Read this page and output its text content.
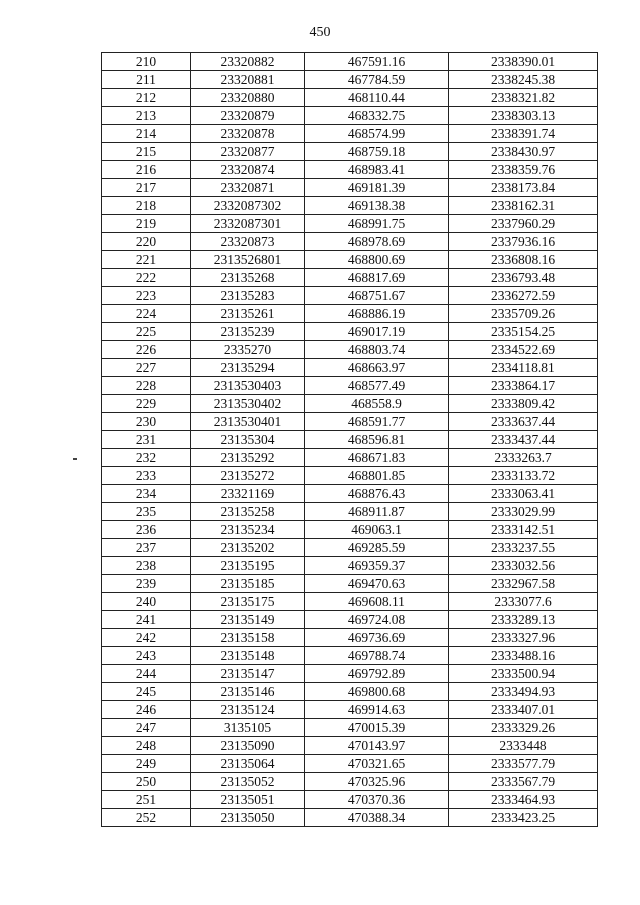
450
210	23320882	467591.16	2338390.01
211	23320881	467784.59	2338245.38
212	23320880	468110.44	2338321.82
213	23320879	468332.75	2338303.13
214	23320878	468574.99	2338391.74
215	23320877	468759.18	2338430.97
216	23320874	468983.41	2338359.76
217	23320871	469181.39	2338173.84
218	2332087302	469138.38	2338162.31
219	2332087301	468991.75	2337960.29
220	23320873	468978.69	2337936.16
221	2313526801	468800.69	2336808.16
222	23135268	468817.69	2336793.48
223	23135283	468751.67	2336272.59
224	23135261	468886.19	2335709.26
225	23135239	469017.19	2335154.25
226	2335270	468803.74	2334522.69
227	23135294	468663.97	2334118.81
228	2313530403	468577.49	2333864.17
229	2313530402	468558.9	2333809.42
230	2313530401	468591.77	2333637.44
231	23135304	468596.81	2333437.44
232	23135292	468671.83	2333263.7
233	23135272	468801.85	2333133.72
234	23321169	468876.43	2333063.41
235	23135258	468911.87	2333029.99
236	23135234	469063.1	2333142.51
237	23135202	469285.59	2333237.55
238	23135195	469359.37	2333032.56
239	23135185	469470.63	2332967.58
240	23135175	469608.11	2333077.6
241	23135149	469724.08	2333289.13
242	23135158	469736.69	2333327.96
243	23135148	469788.74	2333488.16
244	23135147	469792.89	2333500.94
245	23135146	469800.68	2333494.93
246	23135124	469914.63	2333407.01
247	3135105	470015.39	2333329.26
248	23135090	470143.97	2333448
249	23135064	470321.65	2333577.79
250	23135052	470325.96	2333567.79
251	23135051	470370.36	2333464.93
252	23135050	470388.34	2333423.25
